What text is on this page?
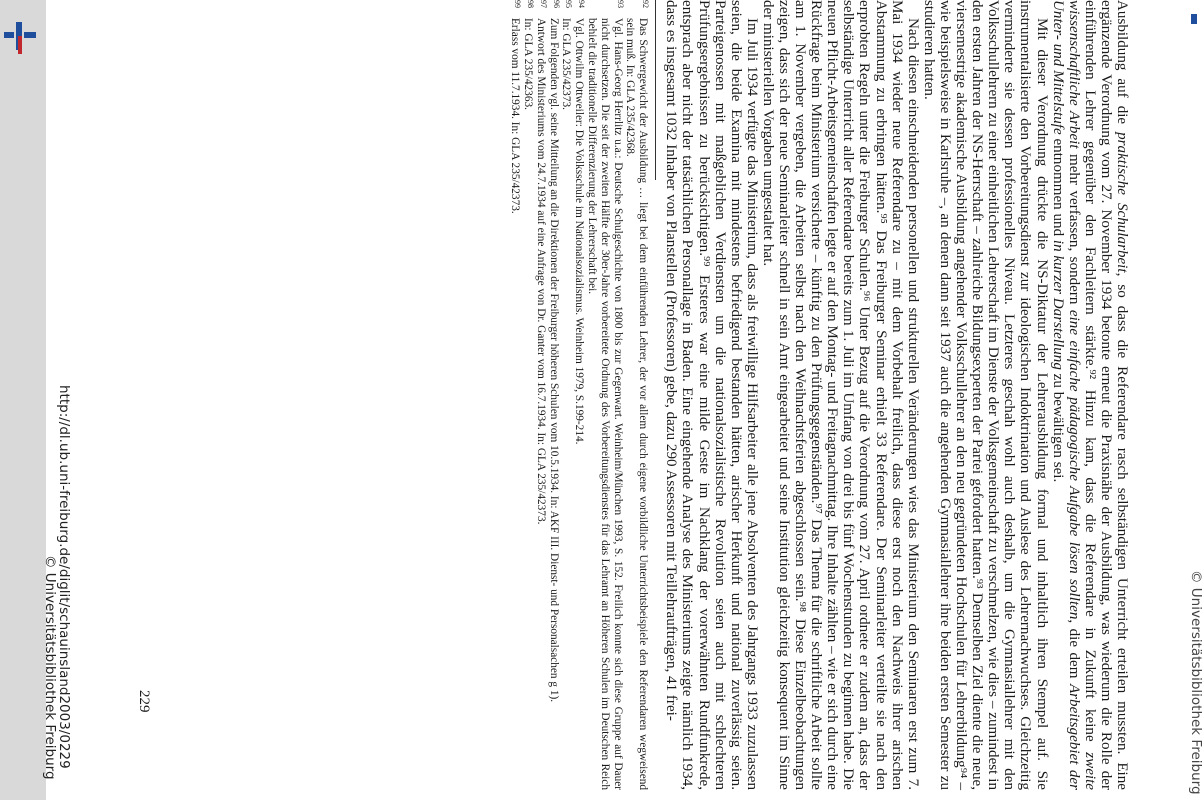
© Universitätsbibliothek Freiburg

Ausbildung auf die praktische Schularbeit, so dass die Referendare rasch selbständigen Unterricht erteilen mussten. Eine ergänzende Verordnung vom 27. November 1934 betonte erneut die Praxisnähe der Ausbildung, was wiederum die Rolle der einführenden Lehrer gegenüber den Fachleitern stärkte.⁹² Hinzu kam, dass die Referendare in Zukunft keine zweite wissenschaftliche Arbeit mehr verfassen, sondern eine einfache pädagogische Aufgabe lösen sollten, die dem Arbeitsgebiet der Unter- und Mittelstufe entnommen und in kurzer Darstellung zu bewältigen sei.

Mit dieser Verordnung drückte die NS-Diktatur der Lehrerausbildung formal und inhaltlich ihren Stempel auf. Sie instrumentalisierte den Vorbereitungsdienst zur ideologischen Indoktrination und Auslese des Lehrernachwuchses. Gleichzeitig verminderte sie dessen professionelles Niveau. Letzteres geschah wohl auch deshalb, um die Gymnasiallehrer mit den Volksschullehrern zu einer einheitlichen Lehrerschaft im Dienste der Volksgemeinschaft zu verschmelzen, wie dies – zumindest in den ersten Jahren der NS-Herrschaft – zahlreiche Bildungsexperten der Partei gefordert hatten.⁹³ Demselben Ziel diente die neue, viersemestrige akademische Ausbildung angehender Volksschullehrer an den neu gegründeten Hochschulen für Lehrerbildung⁹⁴ – wie beispielsweise in Karlsruhe –, an denen dann seit 1937 auch die angehenden Gymnasiallehrer ihre beiden ersten Semester zu studieren hatten.

Nach diesen einschneidenden personellen und strukturellen Veränderungen wies das Ministerium den Seminaren erst zum 7. Mai 1934 wieder neue Referendare zu – mit dem Vorbehalt freilich, dass diese erst noch den Nachweis ihrer arischen Abstammung zu erbringen hätten.⁹⁵ Das Freiburger Seminar erhielt 33 Referendare. Der Seminarleiter verteilte sie nach den erprobten Regeln unter die Freiburger Schulen.⁹⁶ Unter Bezug auf die Verordnung vom 27. April ordnete er zudem an, dass der selbständige Unterricht aller Referendare bereits zum 1. Juli im Umfang von drei bis fünf Wochenstunden zu beginnen habe. Die neuen Pflicht-Arbeitsgemeinschaften legte er auf den Montag- und Freitagnachmittag. Ihre Inhalte zählten – wie er sich durch eine Rückfrage beim Ministerium versicherte – künftig zu den Prüfungsgegenständen.⁹⁷ Das Thema für die schriftliche Arbeit sollte am 1. November vergeben, die Arbeiten selbst nach den Weihnachtsferien abgeschlossen sein.⁹⁸ Diese Einzelbeobachtungen zeigen, dass sich der neue Seminarleiter schnell in sein Amt eingearbeitet und seine Institution gleichzeitig konsequent im Sinne der ministeriellen Vorgaben umgestaltet hat.

Im Juli 1934 verfügte das Ministerium, dass als freiwillige Hilfsarbeiter alle jene Absolventen des Jahrgangs 1933 zuzulassen seien, die beide Examina mit mindestens befriedigend bestanden hätten, arischer Herkunft und national zuverlässig seien. Parteigenossen mit maßgeblichen Verdiensten um die nationalsozialistische Revolution seien auch mit schlechteren Prüfungsergebnissen zu berücksichtigen.⁹⁹ Ersteres war eine milde Geste im Nachklang der vorerwähnten Rundfunkrede, entsprach aber nicht der tatsächlichen Personallage in Baden. Eine eingehende Analyse des Ministeriums zeigte nämlich 1934, dass es insgesamt 1032 Inhaber von Planstellen (Professoren) gebe, dazu 290 Assessoren mit Teillehraufträgen, 41 frei-

92
Das Schwergewicht der Ausbildung … liegt bei dem einführenden Lehrer, der vor allem durch eigene vorbildliche Unterrichtsbeispiele den Referendaren wegweisend sein muß. In: GLA 235/42368.
93
Vgl. Hans-Georg Herrlitz u.a.: Deutsche Schulgeschichte von 1800 bis zur Gegenwart. Weinheim/München 1993, S. 152. Freilich konnte sich diese Gruppe auf Dauer nicht durchsetzen. Die seit der zweiten Hälfte der 30er-Jahre vorbereitete Ordnung des Vorbereitungsdienstes für das Lehramt an Höheren Schulen im Deutschen Reich behielt die traditionelle Differenzierung der Lehrerschaft bei.
94
Vgl. Ottwilm Ottweiler: Die Volksschule im Nationalsozialismus. Weinheim 1979, S.199-214.
95
In: GLA 235/42373.
96
Zum Folgenden vgl. seine Mitteilung an die Direktionen der Freiburger höheren Schulen vom 10.5.1934. In: AKF III. Dienst- und Personalsachen g 1).
97
Antwort des Ministeriums vom 24.7.1934 auf eine Anfrage von Dr. Ganter vom 16.7.1934. In: GLA 235/42373.
98
In: GLA 235/42363.
99
Erlass vom 11.7.1934. In: GLA 235/42373.
229
http://dl.ub.uni-freiburg.de/diglit/schauinsland2003/0229
© Universitätsbibliothek Freiburg
